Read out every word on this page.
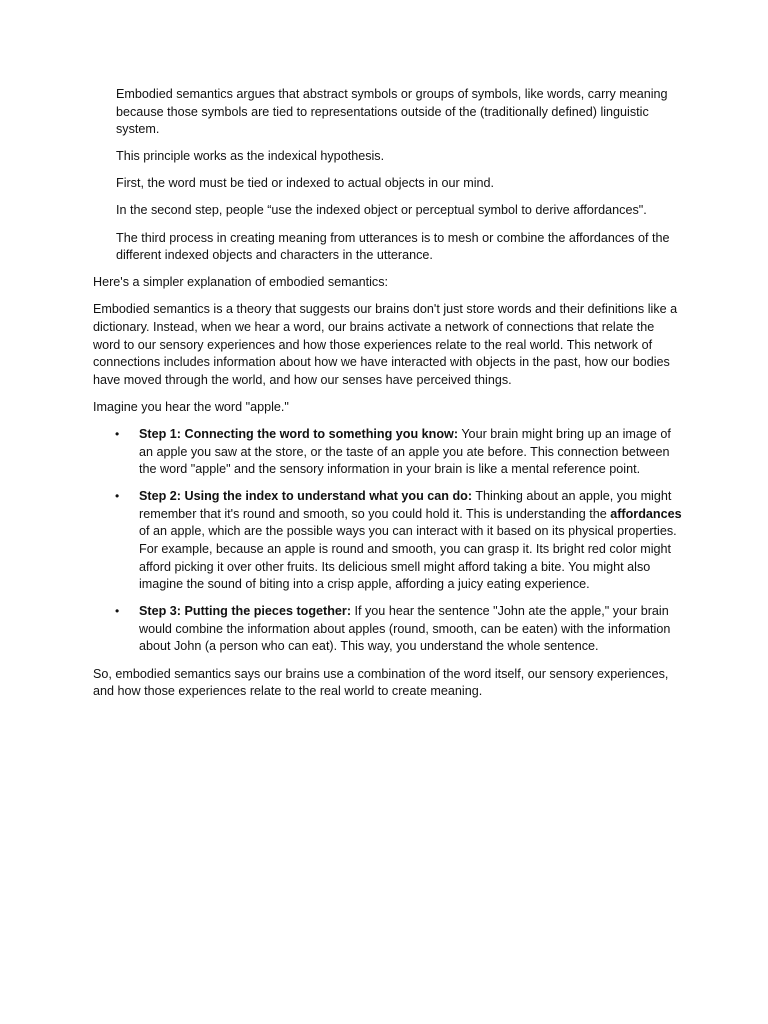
Embodied semantics argues that abstract symbols or groups of symbols, like words, carry meaning because those symbols are tied to representations outside of the (traditionally defined) linguistic system.

This principle works as the indexical hypothesis.

First, the word must be tied or indexed to actual objects in our mind.

In the second step, people “use the indexed object or perceptual symbol to derive affordances".

The third process in creating meaning from utterances is to mesh or combine the affordances of the different indexed objects and characters in the utterance.

Here's a simpler explanation of embodied semantics:

Embodied semantics is a theory that suggests our brains don't just store words and their definitions like a dictionary. Instead, when we hear a word, our brains activate a network of connections that relate the word to our sensory experiences and how those experiences relate to the real world. This network of connections includes information about how we have interacted with objects in the past, how our bodies have moved through the world, and how our senses have perceived things.

Imagine you hear the word "apple."

• Step 1: Connecting the word to something you know: Your brain might bring up an image of an apple you saw at the store, or the taste of an apple you ate before. This connection between the word "apple" and the sensory information in your brain is like a mental reference point.
• Step 2: Using the index to understand what you can do: Thinking about an apple, you might remember that it's round and smooth, so you could hold it. This is understanding the affordances of an apple, which are the possible ways you can interact with it based on its physical properties. For example, because an apple is round and smooth, you can grasp it. Its bright red color might afford picking it over other fruits. Its delicious smell might afford taking a bite. You might also imagine the sound of biting into a crisp apple, affording a juicy eating experience.
• Step 3: Putting the pieces together: If you hear the sentence "John ate the apple," your brain would combine the information about apples (round, smooth, can be eaten) with the information about John (a person who can eat). This way, you understand the whole sentence.

So, embodied semantics says our brains use a combination of the word itself, our sensory experiences, and how those experiences relate to the real world to create meaning.
